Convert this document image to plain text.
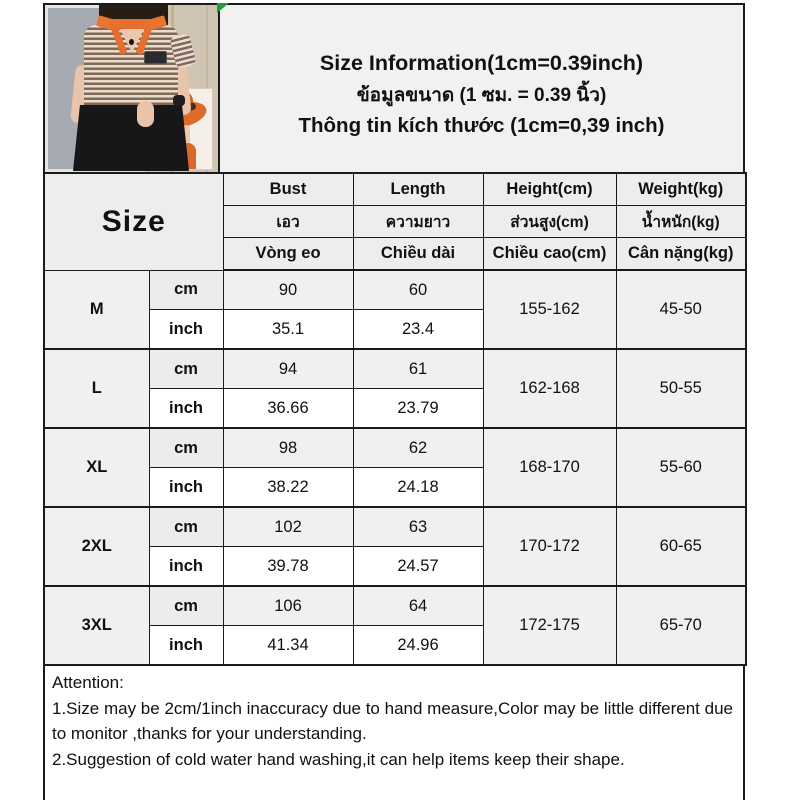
Size Information(1cm=0.39inch)
ข้อมูลขนาด (1 ซม. = 0.39 นิ้ว)
Thông tin kích thước (1cm=0,39 inch)
Size		Bust	Length	Height(cm)	Weight(kg)
		เอว	ความยาว	ส่วนสูง(cm)	น้ำหนัก(kg)
		Vòng eo	Chiều dài	Chiều cao(cm)	Cân nặng(kg)
M	cm	90	60	155-162	45-50
	inch	35.1	23.4		
L	cm	94	61	162-168	50-55
	inch	36.66	23.79		
XL	cm	98	62	168-170	55-60
	inch	38.22	24.18		
2XL	cm	102	63	170-172	60-65
	inch	39.78	24.57		
3XL	cm	106	64	172-175	65-70
	inch	41.34	24.96		
Attention:
1.Size may be 2cm/1inch inaccuracy due to hand measure,Color may be little different due to monitor ,thanks for your understanding.
2.Suggestion of cold water hand washing,it can help items keep their shape.
